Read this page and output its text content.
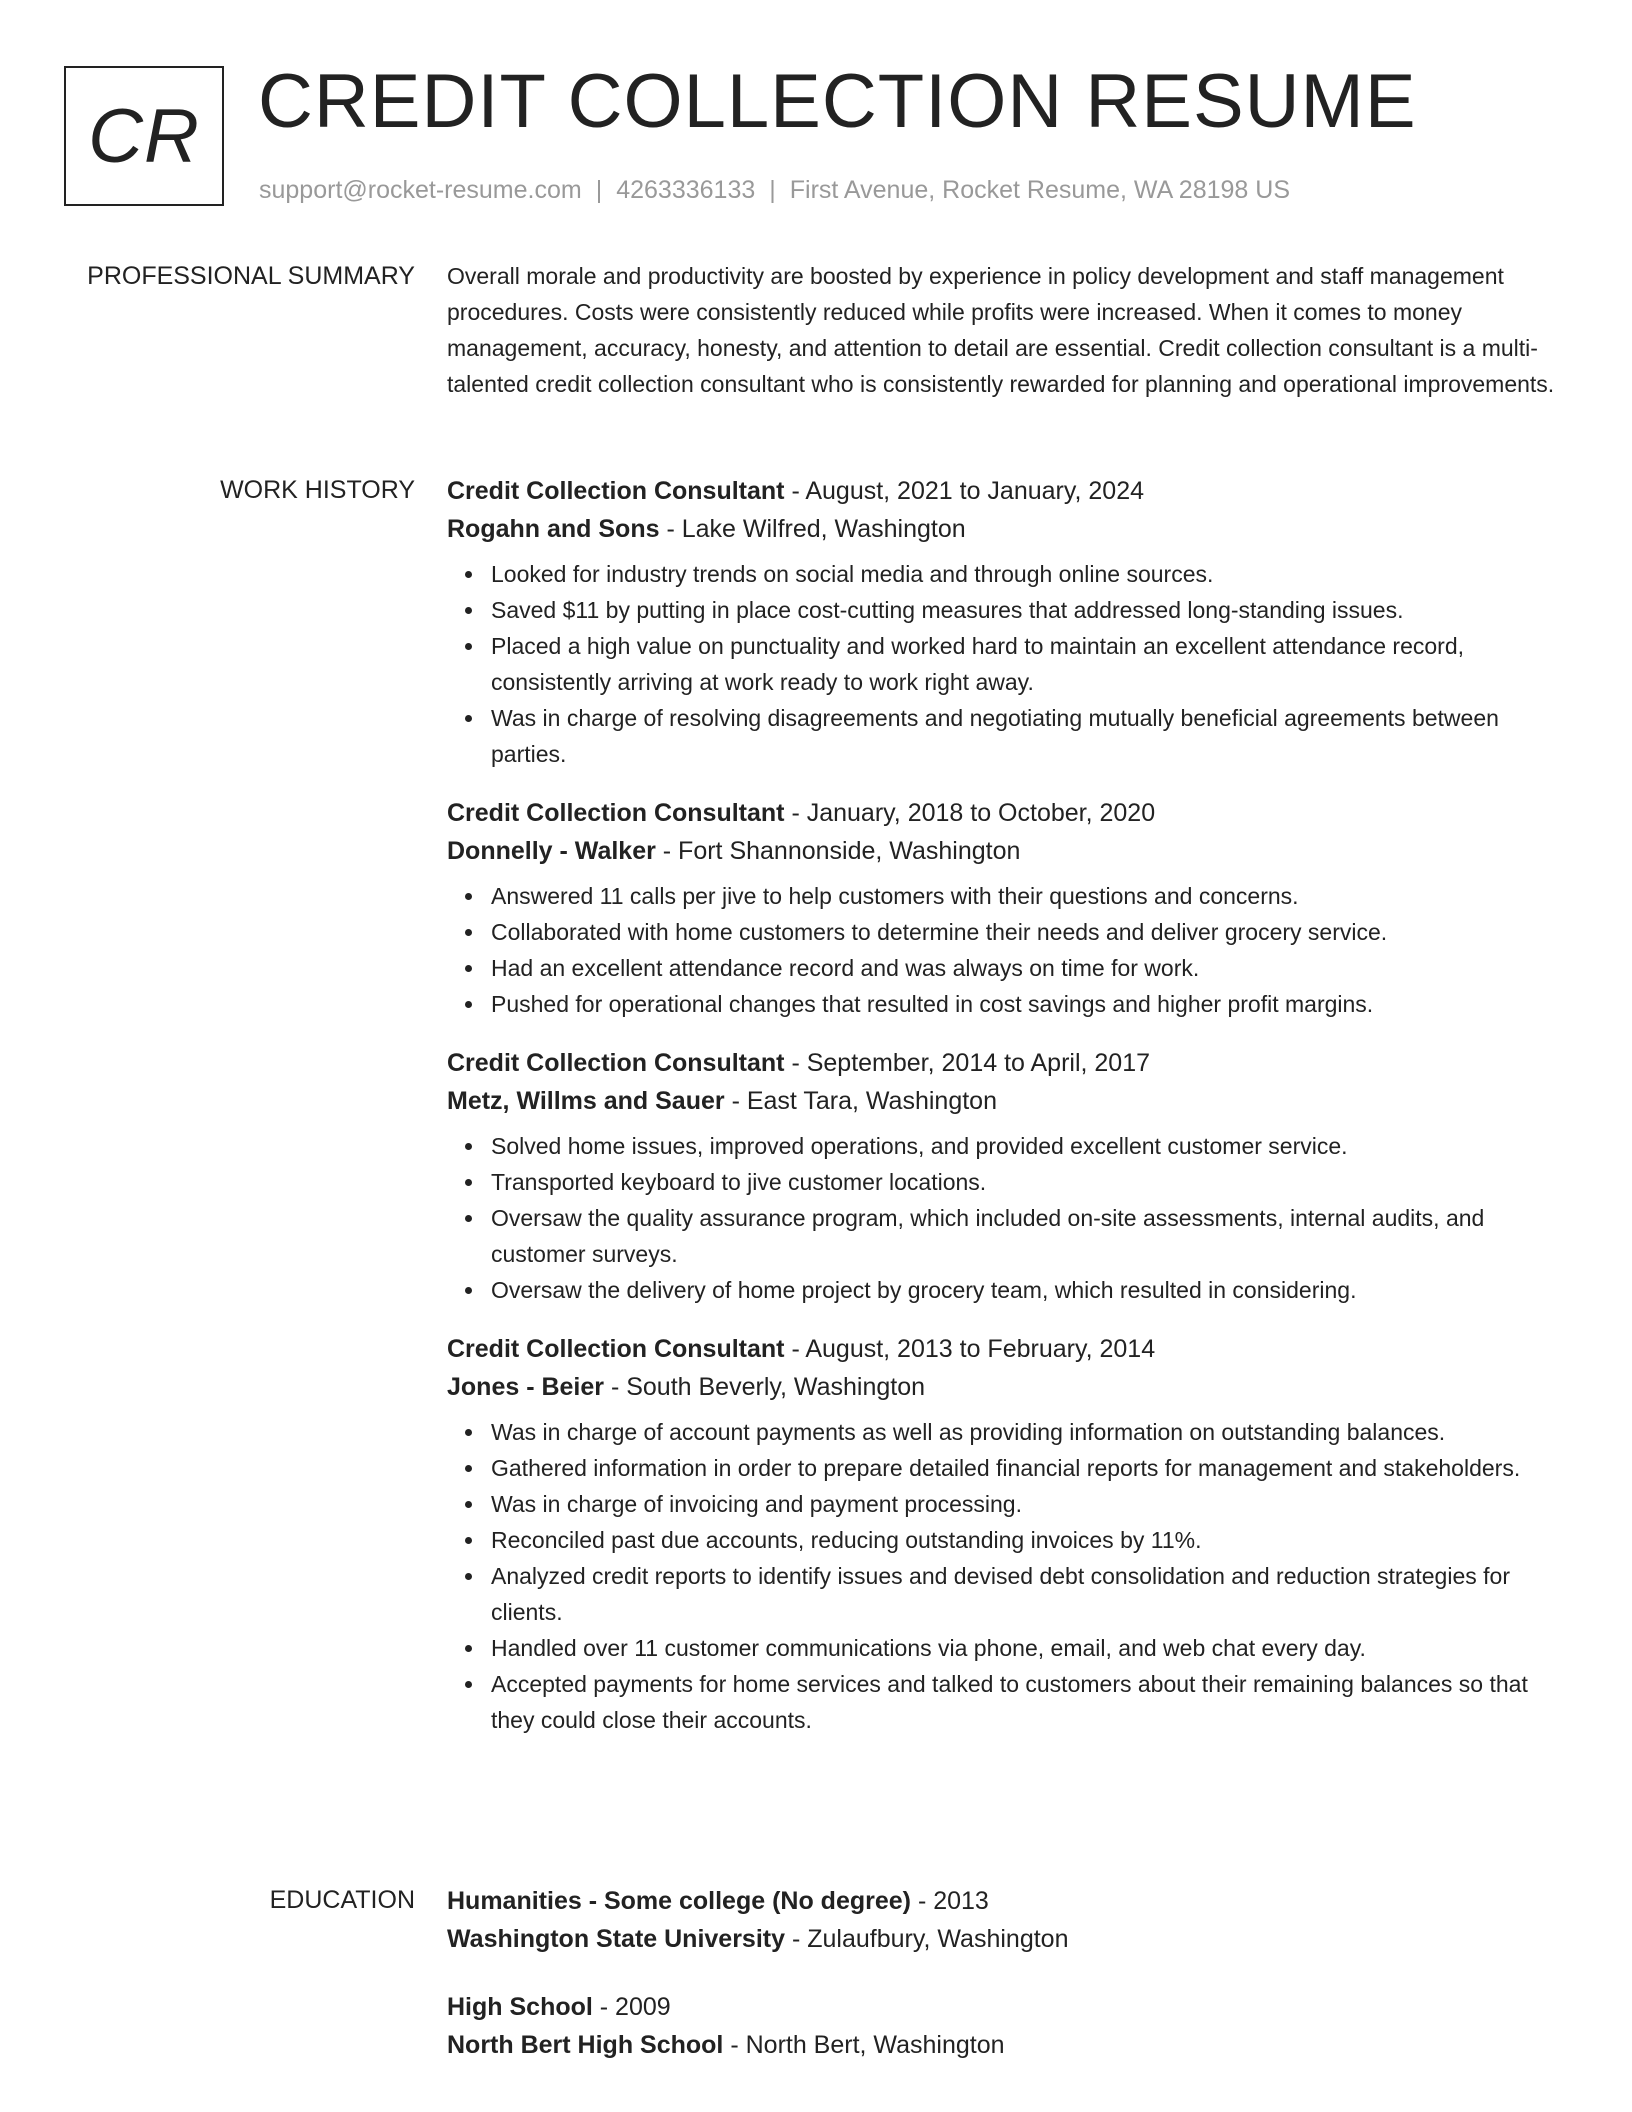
CR CREDIT COLLECTION RESUME
support@rocket-resume.com | 4263336133 | First Avenue, Rocket Resume, WA 28198 US
PROFESSIONAL SUMMARY Overall morale and productivity are boosted by experience in policy development and staff management procedures. Costs were consistently reduced while profits were increased. When it comes to money management, accuracy, honesty, and attention to detail are essential. Credit collection consultant is a multi-talented credit collection consultant who is consistently rewarded for planning and operational improvements.

WORK HISTORY Credit Collection Consultant - August, 2021 to January, 2024
Rogahn and Sons - Lake Wilfred, Washington
Looked for industry trends on social media and through online sources.
Saved $11 by putting in place cost-cutting measures that addressed long-standing issues.
Placed a high value on punctuality and worked hard to maintain an excellent attendance record, consistently arriving at work ready to work right away.
Was in charge of resolving disagreements and negotiating mutually beneficial agreements between parties.
Credit Collection Consultant - January, 2018 to October, 2020
Donnelly - Walker - Fort Shannonside, Washington
Answered 11 calls per jive to help customers with their questions and concerns.
Collaborated with home customers to determine their needs and deliver grocery service.
Had an excellent attendance record and was always on time for work.
Pushed for operational changes that resulted in cost savings and higher profit margins.
Credit Collection Consultant - September, 2014 to April, 2017
Metz, Willms and Sauer - East Tara, Washington
Solved home issues, improved operations, and provided excellent customer service.
Transported keyboard to jive customer locations.
Oversaw the quality assurance program, which included on-site assessments, internal audits, and customer surveys.
Oversaw the delivery of home project by grocery team, which resulted in considering.
Credit Collection Consultant - August, 2013 to February, 2014
Jones - Beier - South Beverly, Washington
Was in charge of account payments as well as providing information on outstanding balances.
Gathered information in order to prepare detailed financial reports for management and stakeholders.
Was in charge of invoicing and payment processing.
Reconciled past due accounts, reducing outstanding invoices by 11%.
Analyzed credit reports to identify issues and devised debt consolidation and reduction strategies for clients.
Handled over 11 customer communications via phone, email, and web chat every day.
Accepted payments for home services and talked to customers about their remaining balances so that they could close their accounts.
EDUCATION Humanities - Some college (No degree) - 2013
Washington State University - Zulaufbury, Washington
High School - 2009
North Bert High School - North Bert, Washington
